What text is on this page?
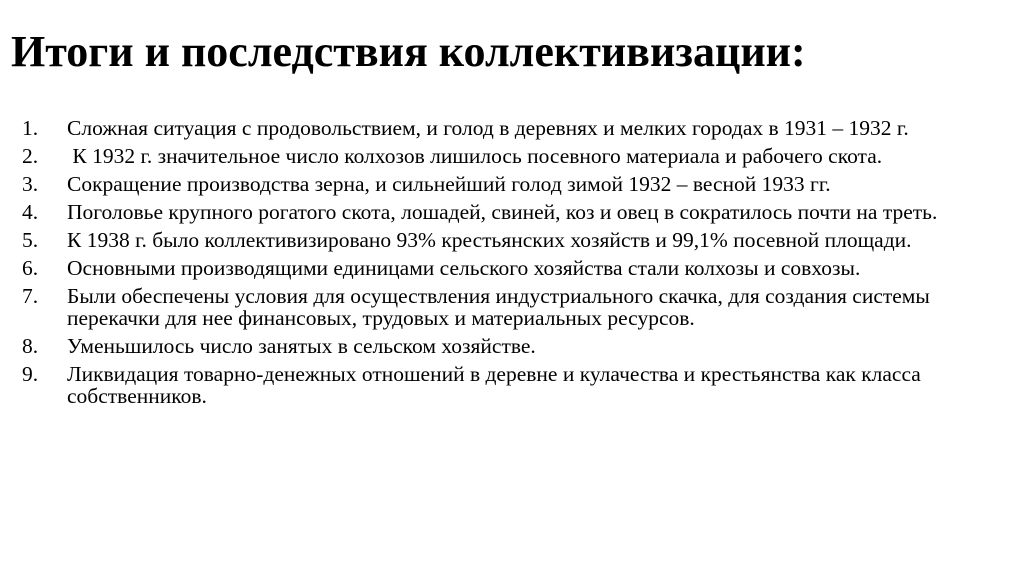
Итоги и последствия коллективизации:
1.	Сложная ситуация с продовольствием, и голод в деревнях и мелких городах в 1931 – 1932 г.
2.	К 1932 г. значительное число колхозов лишилось посевного материала и рабочего скота.
3.	Сокращение производства зерна, и сильнейший голод зимой 1932 – весной 1933 гг.
4.	Поголовье крупного рогатого скота, лошадей, свиней, коз и овец в сократилось почти на треть.
5.	К 1938 г. было коллективизировано 93% крестьянских хозяйств и 99,1% посевной площади.
6.	Основными производящими единицами сельского хозяйства стали колхозы и совхозы.
7.	Были обеспечены условия для осуществления индустриального скачка, для создания системы перекачки для нее финансовых, трудовых и материальных ресурсов.
8.	Уменьшилось число занятых в сельском хозяйстве.
9.	Ликвидация товарно-денежных отношений в деревне и кулачества и крестьянства как класса собственников.
